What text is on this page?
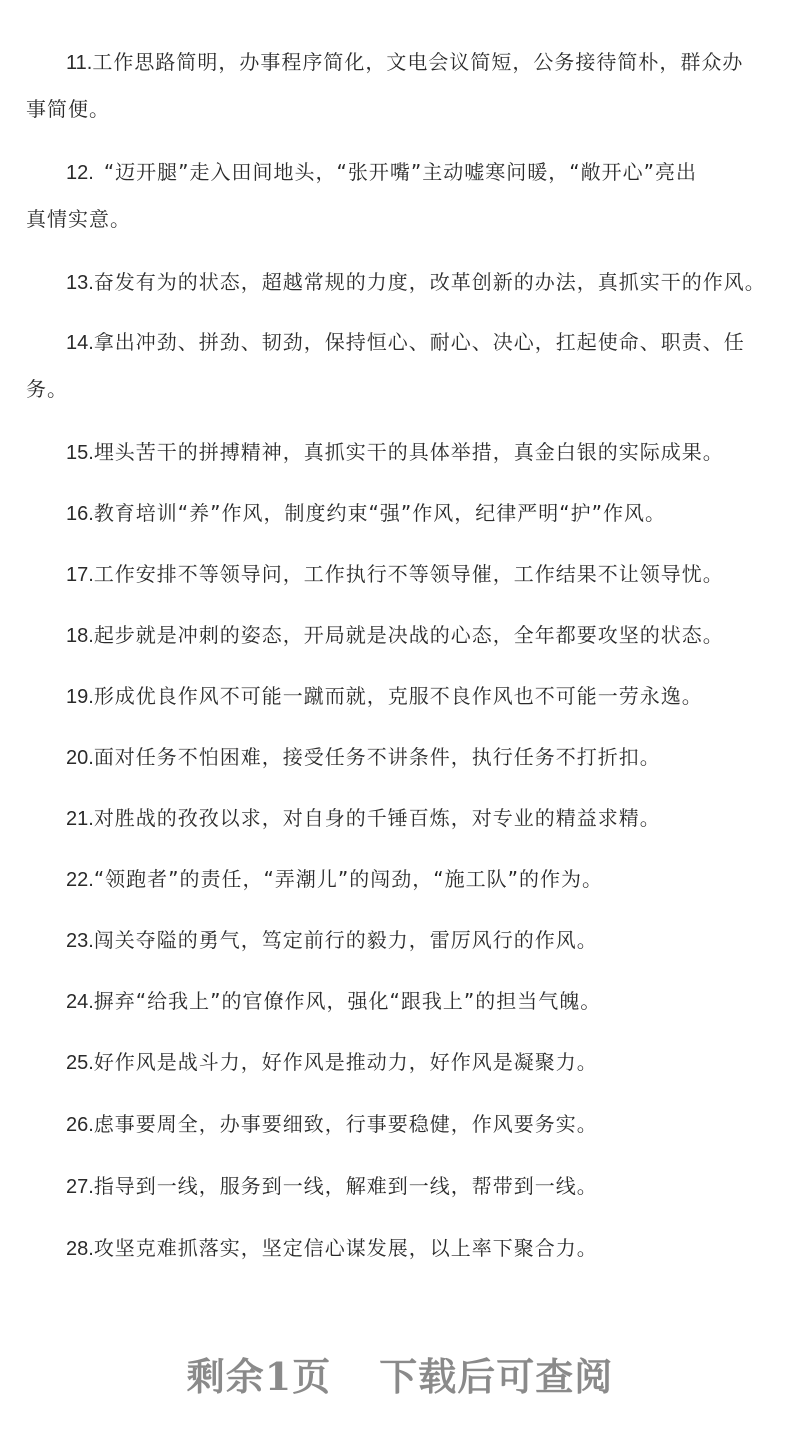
11.工作思路简明，办事程序简化，文电会议简短，公务接待简朴，群众办
事简便。
12. “迈开腿”走入田间地头，“张开嘴”主动嘘寒问暖，“敞开心”亮出
真情实意。
13.奋发有为的状态，超越常规的力度，改革创新的办法，真抓实干的作风。
14.拿出冲劲、拼劲、韧劲，保持恒心、耐心、决心，扛起使命、职责、任
务。
15.埋头苦干的拼搏精神，真抓实干的具体举措，真金白银的实际成果。
16.教育培训“养”作风，制度约束“强”作风，纪律严明“护”作风。
17.工作安排不等领导问，工作执行不等领导催，工作结果不让领导忧。
18.起步就是冲刺的姿态，开局就是决战的心态，全年都要攻坚的状态。
19.形成优良作风不可能一蹴而就，克服不良作风也不可能一劳永逸。
20.面对任务不怕困难，接受任务不讲条件，执行任务不打折扣。
21.对胜战的孜孜以求，对自身的千锤百炼，对专业的精益求精。
22.“领跑者”的责任，“弄潮儿”的闯劲，“施工队”的作为。
23.闯关夺隘的勇气，笃定前行的毅力，雷厉风行的作风。
24.摒弃“给我上”的官僚作风，强化“跟我上”的担当气魄。
25.好作风是战斗力，好作风是推动力，好作风是凝聚力。
26.虑事要周全，办事要细致，行事要稳健，作风要务实。
27.指导到一线，服务到一线，解难到一线，帮带到一线。
28.攻坚克难抓落实，坚定信心谋发展，以上率下聚合力。
剩余1页 下载后可查阅
